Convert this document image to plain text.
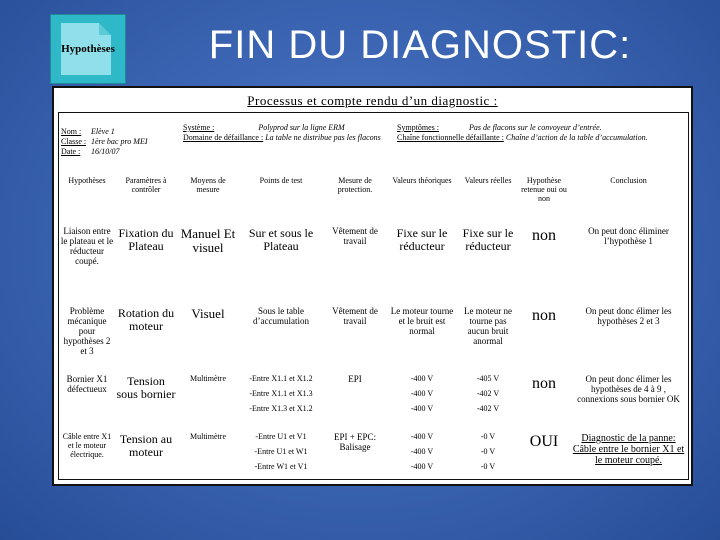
Hypothèses	FIN DU DIAGNOSTIC:
Processus et compte rendu d’un diagnostic :
Nom : Elève 1
Classe : 1ère bac pro MEI
Date : 16/10/07
Système :	Polyprod sur la ligne ERM
Domaine de défaillance : La table ne distribue pas les flacons
Symptômes :	Pas de flacons sur le convoyeur d’entrée.
Chaîne fonctionnelle défaillante : Chaîne d’action de la table d’accumulation.
Hypothèses	Paramètres à contrôler	Moyens de mesure	Points de test	Mesure de protection.	Valeurs théoriques	Valeurs réelles	Hypothèse retenue oui ou non	Conclusion
Liaison entre le plateau et le réducteur coupé.	Fixation du Plateau	Manuel Et visuel	Sur et sous le Plateau	Vêtement de travail	Fixe sur le réducteur	Fixe sur le réducteur	non	On peut donc éliminer l’hypothèse 1
Problème mécanique pour hypothèses 2 et 3	Rotation du moteur	Visuel	Sous le table d’accumulation	Vêtement de travail	Le moteur tourne et le bruit est normal	Le moteur ne tourne pas aucun bruit anormal	non	On peut donc élimer les hypothèses 2 et 3
Bornier X1 défectueux	Tension sous bornier	Multimètre	-Entre X1.1 et X1.2
-Entre X1.1 et X1.3
-Entre X1.3 et X1.2	EPI	-400 V
-400 V
-400 V	-405 V
-402 V
-402 V	non	On peut donc élimer les hypothèses de 4 à 9 , connexions sous bornier OK
Câble entre X1 et le moteur électrique.	Tension au moteur	Multimètre	-Entre U1 et V1
-Entre U1 et W1
-Entre W1 et V1	EPI + EPC: Balisage	-400 V
-400 V
-400 V	-0 V
-0 V
-0 V	OUI	Diagnostic de la panne: Câble entre le bornier X1 et le moteur coupé.
